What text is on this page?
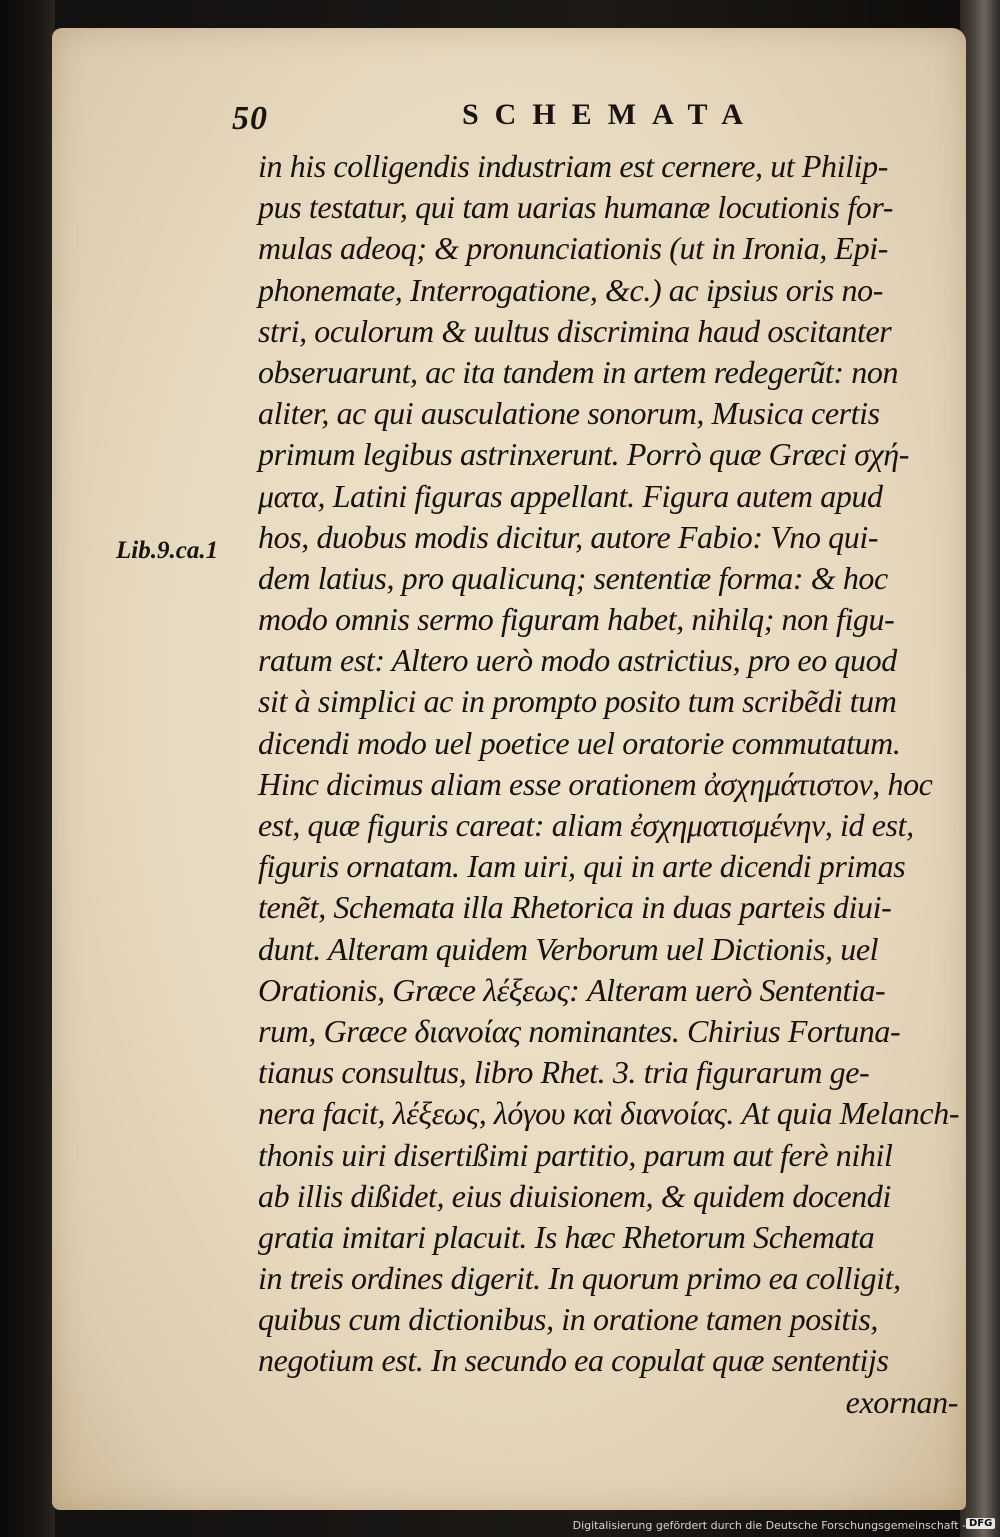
50	SCHEMATA
Lib.9.ca.1
in his colligendis industriam est cernere, ut Philip-
pus testatur, qui tam uarias humanæ locutionis for-
mulas adeoq; & pronunciationis (ut in Ironia, Epi-
phonemate, Interrogatione, &c.) ac ipsius oris no-
stri, oculorum & uultus discrimina haud oscitanter
obseruarunt, ac ita tandem in artem redegerũt: non
aliter, ac qui ausculatione sonorum, Musica certis
primum legibus astrinxerunt. Porrò quæ Græci σχή-
ματα, Latini figuras appellant. Figura autem apud
hos, duobus modis dicitur, autore Fabio: Vno qui-
dem latius, pro qualicunq; sententiæ forma: & hoc
modo omnis sermo figuram habet, nihilq; non figu-
ratum est: Altero uerò modo astrictius, pro eo quod
sit à simplici ac in prompto posito tum scribẽdi tum
dicendi modo uel poetice uel oratorie commutatum.
Hinc dicimus aliam esse orationem ἀσχημάτιστον, hoc
est, quæ figuris careat: aliam ἐσχηματισμένην, id est,
figuris ornatam. Iam uiri, qui in arte dicendi primas
tenẽt, Schemata illa Rhetorica in duas parteis diui-
dunt. Alteram quidem Verborum uel Dictionis, uel
Orationis, Græce λέξεως: Alteram uerò Sententia-
rum, Græce διανοίας nominantes. Chirius Fortuna-
tianus consultus, libro Rhet. 3. tria figurarum ge-
nera facit, λέξεως, λόγου καὶ διανοίας. At quia Melanch-
thonis uiri disertißimi partitio, parum aut ferè nihil
ab illis dißidet, eius diuisionem, & quidem docendi
gratia imitari placuit. Is hæc Rhetorum Schemata
in treis ordines digerit. In quorum primo ea colligit,
quibus cum dictionibus, in oratione tamen positis,
negotium est. In secundo ea copulat quæ sententijs
exornan-
Digitalisierung gefördert durch die Deutsche Forschungsgemeinschaft - DFG
